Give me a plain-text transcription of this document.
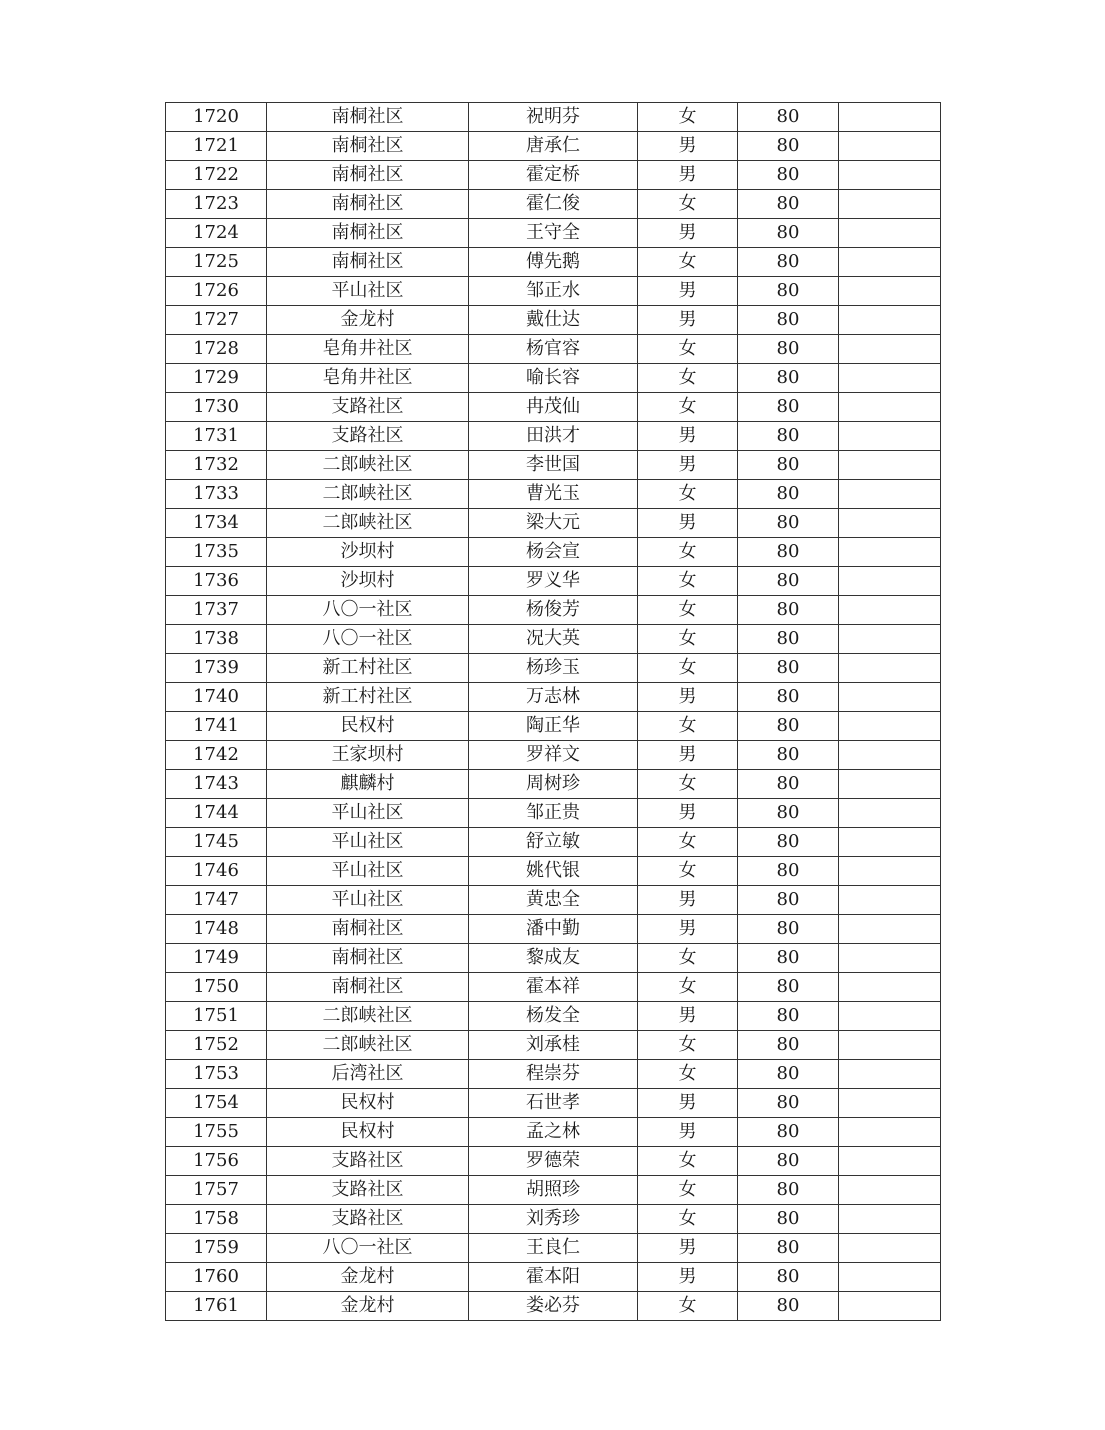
1720	南桐社区	祝明芬	女	80	
1721	南桐社区	唐承仁	男	80	
1722	南桐社区	霍定桥	男	80	
1723	南桐社区	霍仁俊	女	80	
1724	南桐社区	王守全	男	80	
1725	南桐社区	傅先鹅	女	80	
1726	平山社区	邹正水	男	80	
1727	金龙村	戴仕达	男	80	
1728	皂角井社区	杨官容	女	80	
1729	皂角井社区	喻长容	女	80	
1730	支路社区	冉茂仙	女	80	
1731	支路社区	田洪才	男	80	
1732	二郎峡社区	李世国	男	80	
1733	二郎峡社区	曹光玉	女	80	
1734	二郎峡社区	梁大元	男	80	
1735	沙坝村	杨会宣	女	80	
1736	沙坝村	罗义华	女	80	
1737	八〇一社区	杨俊芳	女	80	
1738	八〇一社区	况大英	女	80	
1739	新工村社区	杨珍玉	女	80	
1740	新工村社区	万志林	男	80	
1741	民权村	陶正华	女	80	
1742	王家坝村	罗祥文	男	80	
1743	麒麟村	周树珍	女	80	
1744	平山社区	邹正贵	男	80	
1745	平山社区	舒立敏	女	80	
1746	平山社区	姚代银	女	80	
1747	平山社区	黄忠全	男	80	
1748	南桐社区	潘中勤	男	80	
1749	南桐社区	黎成友	女	80	
1750	南桐社区	霍本祥	女	80	
1751	二郎峡社区	杨发全	男	80	
1752	二郎峡社区	刘承桂	女	80	
1753	后湾社区	程崇芬	女	80	
1754	民权村	石世孝	男	80	
1755	民权村	孟之林	男	80	
1756	支路社区	罗德荣	女	80	
1757	支路社区	胡照珍	女	80	
1758	支路社区	刘秀珍	女	80	
1759	八〇一社区	王良仁	男	80	
1760	金龙村	霍本阳	男	80	
1761	金龙村	娄必芬	女	80	
